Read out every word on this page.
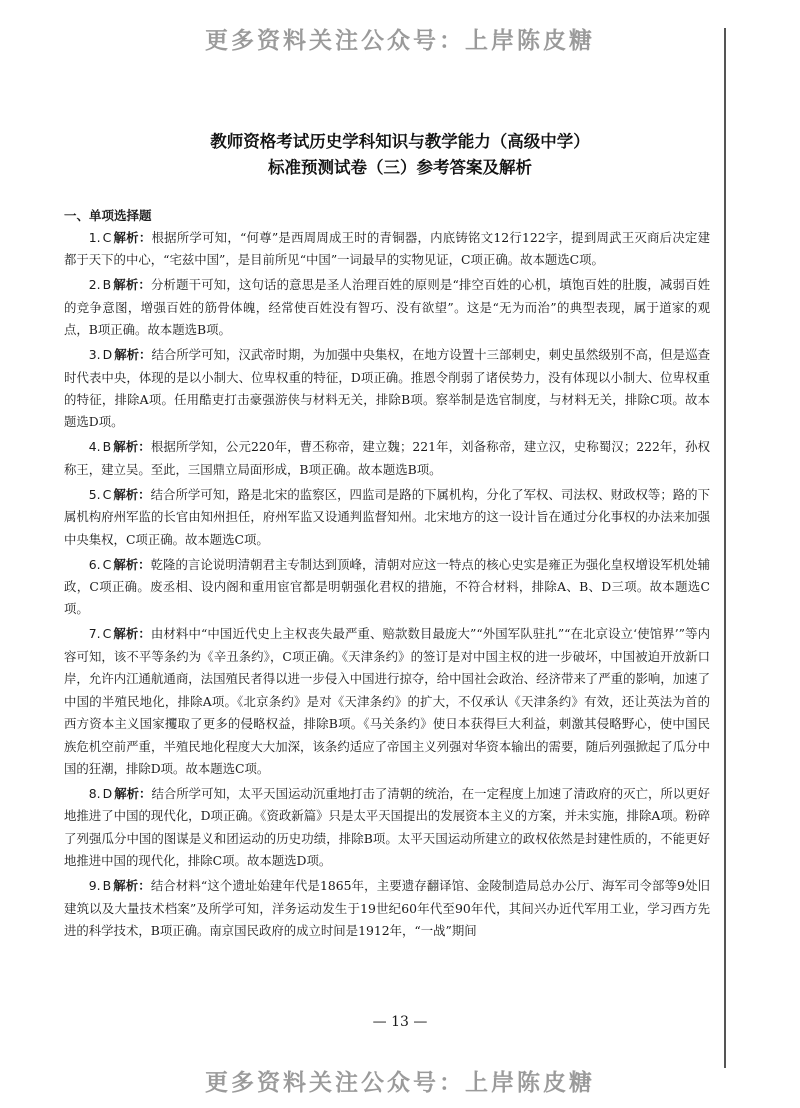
更多资料关注公众号：上岸陈皮糖
教师资格考试历史学科知识与教学能力（高级中学）
标准预测试卷（三）参考答案及解析
一、单项选择题

1. C 解析：根据所学可知，“何尊”是西周周成王时的青铜器，内底铸铭文12行122字，提到周武王灭商后决定建都于天下的中心，“宅兹中国”，是目前所见“中国”一词最早的实物见证，C项正确。故本题选C项。

2. B 解析：分析题干可知，这句话的意思是圣人治理百姓的原则是“排空百姓的心机，填饱百姓的肚腹，减弱百姓的竞争意图，增强百姓的筋骨体魄，经常使百姓没有智巧、没有欲望”。这是“无为而治”的典型表现，属于道家的观点，B项正确。故本题选B项。

3. D 解析：结合所学可知，汉武帝时期，为加强中央集权，在地方设置十三部刺史，刺史虽然级别不高，但是巡查时代表中央，体现的是以小制大、位卑权重的特征，D项正确。推恩令削弱了诸侯势力，没有体现以小制大、位卑权重的特征，排除A项。任用酷吏打击豪强游侠与材料无关，排除B项。察举制是选官制度，与材料无关，排除C项。故本题选D项。

4. B 解析：根据所学知，公元220年，曹丕称帝，建立魏；221年，刘备称帝，建立汉，史称蜀汉；222年，孙权称王，建立吴。至此，三国鼎立局面形成，B项正确。故本题选B项。

5. C 解析：结合所学可知，路是北宋的监察区，四监司是路的下属机构，分化了军权、司法权、财政权等；路的下属机构府州军监的长官由知州担任，府州军监又设通判监督知州。北宋地方的这一设计旨在通过分化事权的办法来加强中央集权，C项正确。故本题选C项。

6. C 解析：乾隆的言论说明清朝君主专制达到顶峰，清朝对应这一特点的核心史实是雍正为强化皇权增设军机处辅政，C项正确。废丞相、设内阁和重用宦官都是明朝强化君权的措施，不符合材料，排除A、B、D三项。故本题选C项。

7. C 解析：由材料中“中国近代史上主权丧失最严重、赔款数目最庞大”“外国军队驻扎”“在北京设立‘使馆界’”等内容可知，该不平等条约为《辛丑条约》，C项正确。《天津条约》的签订是对中国主权的进一步破坏，中国被迫开放新口岸，允许内江通航通商，法国殖民者得以进一步侵入中国进行掠夺，给中国社会政治、经济带来了严重的影响，加速了中国的半殖民地化，排除A项。《北京条约》是对《天津条约》的扩大，不仅承认《天津条约》有效，还让英法为首的西方资本主义国家攫取了更多的侵略权益，排除B项。《马关条约》使日本获得巨大利益，刺激其侵略野心，使中国民族危机空前严重，半殖民地化程度大大加深，该条约适应了帝国主义列强对华资本输出的需要，随后列强掀起了瓜分中国的狂潮，排除D项。故本题选C项。

8. D 解析：结合所学可知，太平天国运动沉重地打击了清朝的统治，在一定程度上加速了清政府的灭亡，所以更好地推进了中国的现代化，D项正确。《资政新篇》只是太平天国提出的发展资本主义的方案，并未实施，排除A项。粉碎了列强瓜分中国的图谋是义和团运动的历史功绩，排除B项。太平天国运动所建立的政权依然是封建性质的，不能更好地推进中国的现代化，排除C项。故本题选D项。

9. B 解析：结合材料“这个遗址始建年代是1865年，主要遗存翻译馆、金陵制造局总办公厅、海军司令部等9处旧建筑以及大量技术档案”及所学可知，洋务运动发生于19世纪60年代至90年代，其间兴办近代军用工业，学习西方先进的科学技术，B项正确。南京国民政府的成立时间是1912年，“一战”期间

— 13 —
更多资料关注公众号：上岸陈皮糖
